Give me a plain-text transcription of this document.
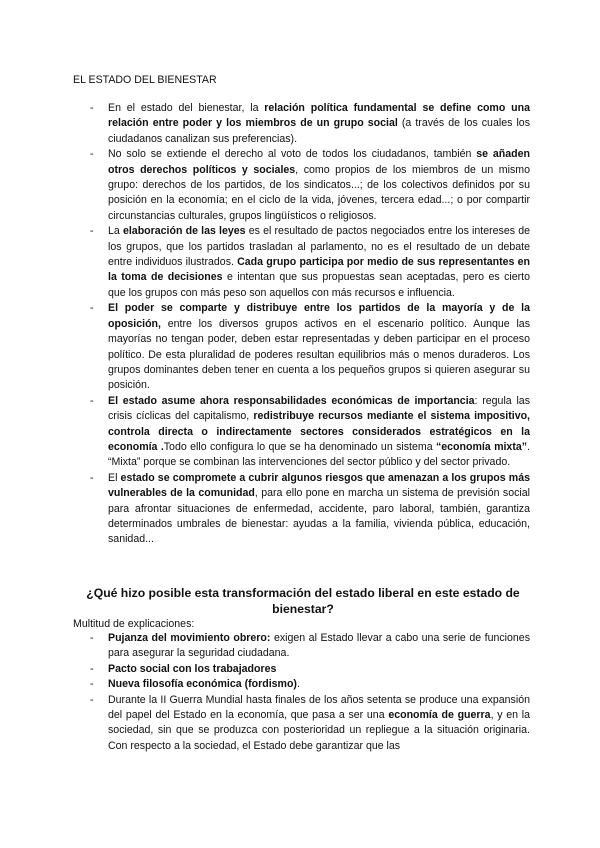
EL ESTADO DEL BIENESTAR
- En el estado del bienestar, la relación política fundamental se define como una relación entre poder y los miembros de un grupo social (a través de los cuales los ciudadanos canalizan sus preferencias).
- No solo se extiende el derecho al voto de todos los ciudadanos, también se añaden otros derechos políticos y sociales, como propios de los miembros de un mismo grupo: derechos de los partidos, de los sindicatos...; de los colectivos definidos por su posición en la economía; en el ciclo de la vida, jóvenes, tercera edad...; o por compartir circunstancias culturales, grupos lingüísticos o religiosos.
- La elaboración de las leyes es el resultado de pactos negociados entre los intereses de los grupos, que los partidos trasladan al parlamento, no es el resultado de un debate entre individuos ilustrados. Cada grupo participa por medio de sus representantes en la toma de decisiones e intentan que sus propuestas sean aceptadas, pero es cierto que los grupos con más peso son aquellos con más recursos e influencia.
- El poder se comparte y distribuye entre los partidos de la mayoría y de la oposición, entre los diversos grupos activos en el escenario político. Aunque las mayorías no tengan poder, deben estar representadas y deben participar en el proceso político. De esta pluralidad de poderes resultan equilibrios más o menos duraderos. Los grupos dominantes deben tener en cuenta a los pequeños grupos si quieren asegurar su posición.
- El estado asume ahora responsabilidades económicas de importancia: regula las crisis cíclicas del capitalismo, redistribuye recursos mediante el sistema impositivo, controla directa o indirectamente sectores considerados estratégicos en la economía .Todo ello configura lo que se ha denominado un sistema “economía mixta”. “Mixta” porque se combinan las intervenciones del sector público y del sector privado.
- El estado se compromete a cubrir algunos riesgos que amenazan a los grupos más vulnerables de la comunidad, para ello pone en marcha un sistema de previsión social para afrontar situaciones de enfermedad, accidente, paro laboral, también, garantiza determinados umbrales de bienestar: ayudas a la familia, vivienda pública, educación, sanidad...
¿Qué hizo posible esta transformación del estado liberal en este estado de bienestar?
Multitud de explicaciones:
- Pujanza del movimiento obrero: exigen al Estado llevar a cabo una serie de funciones para asegurar la seguridad ciudadana.
- Pacto social con los trabajadores
- Nueva filosofía económica (fordismo).
- Durante la II Guerra Mundial hasta finales de los años setenta se produce una expansión del papel del Estado en la economía, que pasa a ser una economía de guerra, y en la sociedad, sin que se produzca con posterioridad un repliegue a la situación originaria. Con respecto a la sociedad, el Estado debe garantizar que las
